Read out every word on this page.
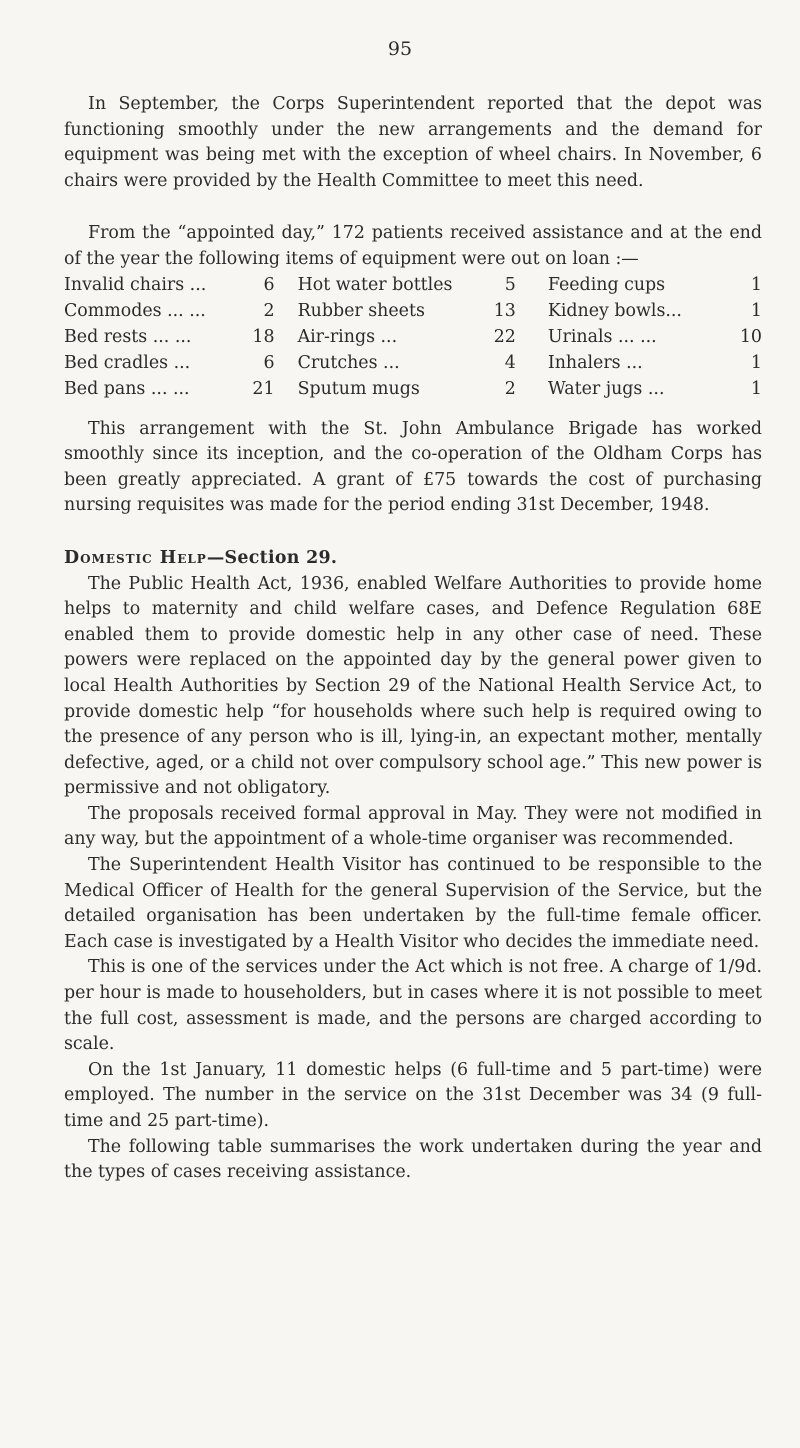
95

In September, the Corps Superintendent reported that the depot was functioning smoothly under the new arrangements and the demand for equipment was being met with the exception of wheel chairs. In November, 6 chairs were provided by the Health Committee to meet this need.

From the “appointed day,” 172 patients received assistance and at the end of the year the following items of equipment were out on loan :—

Invalid chairs ...	6	Hot water bottles	5	Feeding cups	1
Commodes ... ...	2	Rubber sheets	13	Kidney bowls...	1
Bed rests ... ...	18	Air-rings ...	22	Urinals ... ...	10
Bed cradles ...	6	Crutches ...	4	Inhalers ...	1
Bed pans ... ...	21	Sputum mugs	2	Water jugs ...	1

This arrangement with the St. John Ambulance Brigade has worked smoothly since its inception, and the co-operation of the Oldham Corps has been greatly appreciated. A grant of £75 towards the cost of purchasing nursing requisites was made for the period ending 31st December, 1948.

Domestic Help—Section 29.

The Public Health Act, 1936, enabled Welfare Authorities to provide home helps to maternity and child welfare cases, and Defence Regulation 68E enabled them to provide domestic help in any other case of need. These powers were replaced on the appointed day by the general power given to local Health Authorities by Section 29 of the National Health Service Act, to provide domestic help “for households where such help is required owing to the presence of any person who is ill, lying-in, an expectant mother, mentally defective, aged, or a child not over compulsory school age.” This new power is permissive and not obligatory.

The proposals received formal approval in May. They were not modified in any way, but the appointment of a whole-time organiser was recommended.

The Superintendent Health Visitor has continued to be responsible to the Medical Officer of Health for the general Supervision of the Service, but the detailed organisation has been undertaken by the full-time female officer. Each case is investigated by a Health Visitor who decides the immediate need.

This is one of the services under the Act which is not free. A charge of 1/9d. per hour is made to householders, but in cases where it is not possible to meet the full cost, assessment is made, and the persons are charged according to scale.

On the 1st January, 11 domestic helps (6 full-time and 5 part-time) were employed. The number in the service on the 31st December was 34 (9 full-time and 25 part-time).

The following table summarises the work undertaken during the year and the types of cases receiving assistance.
